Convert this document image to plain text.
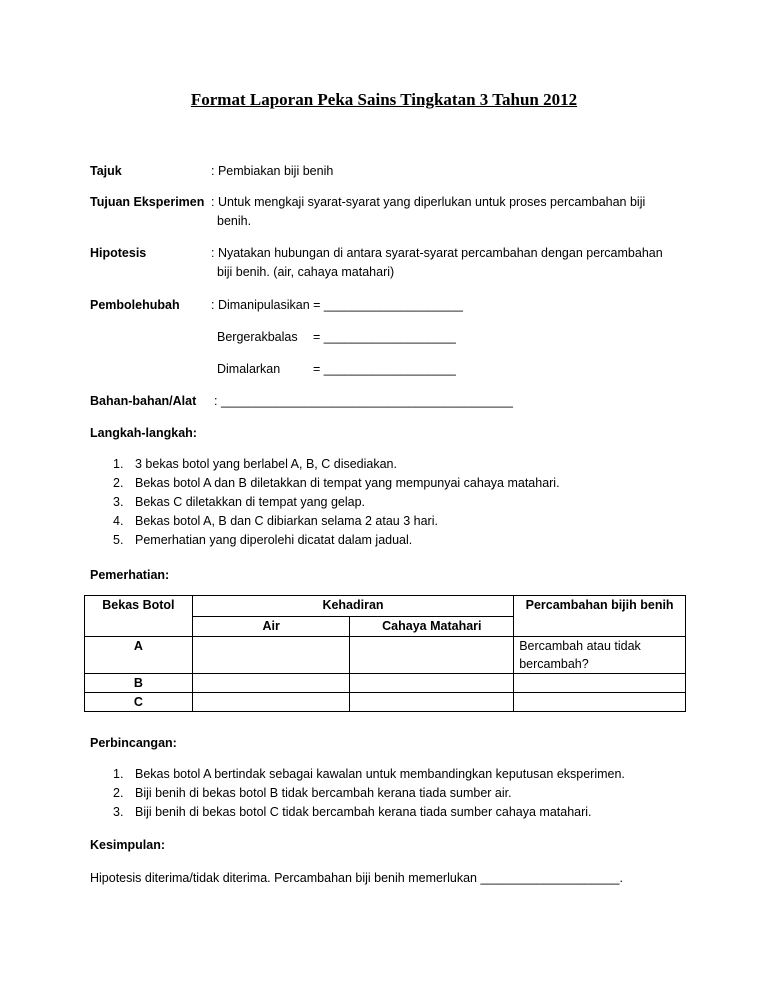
Format Laporan Peka Sains Tingkatan 3 Tahun 2012
Tajuk	: Pembiakan biji benih
Tujuan Eksperimen : Untuk mengkaji syarat-syarat yang diperlukan untuk proses percambahan biji
benih.
Hipotesis	: Nyatakan hubungan di antara syarat-syarat percambahan dengan percambahan
biji benih. (air, cahaya matahari)
Pembolehubah	: Dimanipulasikan = ____________________
Bergerakbalas = ___________________
Dimalarkan	= ___________________
Bahan-bahan/Alat : __________________________________________
Langkah-langkah:
1. 3 bekas botol yang berlabel A, B, C disediakan.
2. Bekas botol A dan B diletakkan di tempat yang mempunyai cahaya matahari.
3. Bekas C diletakkan di tempat yang gelap.
4. Bekas botol A, B dan C dibiarkan selama 2 atau 3 hari.
5. Pemerhatian yang diperolehi dicatat dalam jadual.
Pemerhatian:
Bekas Botol	Kehadiran		Percambahan bijih benih
	Air	Cahaya Matahari	
A			Bercambah atau tidak bercambah?
B			
C			
Perbincangan:
1. Bekas botol A bertindak sebagai kawalan untuk membandingkan keputusan eksperimen.
2. Biji benih di bekas botol B tidak bercambah kerana tiada sumber air.
3. Biji benih di bekas botol C tidak bercambah kerana tiada sumber cahaya matahari.
Kesimpulan:
Hipotesis diterima/tidak diterima. Percambahan biji benih memerlukan ____________________.
